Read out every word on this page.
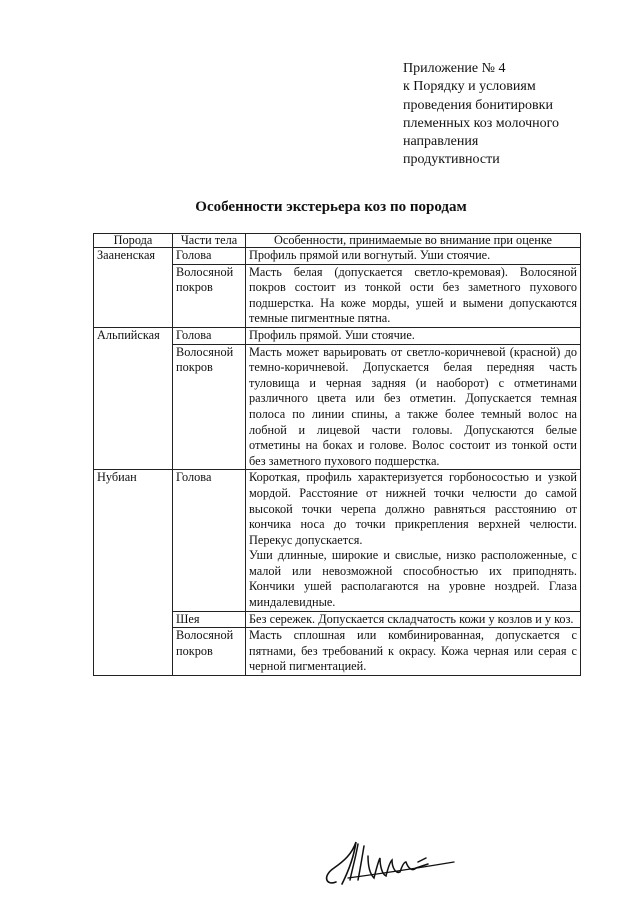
Приложение № 4
к Порядку и условиям
проведения бонитировки
племенных коз молочного
направления
продуктивности
Особенности экстерьера коз по породам
Порода	Части тела	Особенности, принимаемые во внимание при оценке
Зааненская	Голова	Профиль прямой или вогнутый. Уши стоячие.
	Волосяной покров	Масть белая (допускается светло-кремовая). Волосяной покров состоит из тонкой ости без заметного пухового подшерстка. На коже морды, ушей и вымени допускаются темные пигментные пятна.
Альпийская	Голова	Профиль прямой. Уши стоячие.
	Волосяной покров	Масть может варьировать от светло-коричневой (красной) до темно-коричневой. Допускается белая передняя часть туловища и черная задняя (и наоборот) с отметинами различного цвета или без отметин. Допускается темная полоса по линии спины, а также более темный волос на лобной и лицевой части головы. Допускаются белые отметины на боках и голове. Волос состоит из тонкой ости без заметного пухового подшерстка.
Нубиан	Голова	Короткая, профиль характеризуется горбоносостью и узкой мордой. Расстояние от нижней точки челюсти до самой высокой точки черепа должно равняться расстоянию от кончика носа до точки прикрепления верхней челюсти. Перекус допускается.
Уши длинные, широкие и свислые, низко расположенные, с малой или невозможной способностью их приподнять. Кончики ушей располагаются на уровне ноздрей. Глаза миндалевидные.

	Шея	Без сережек. Допускается складчатость кожи у козлов и у коз.
	Волосяной покров	Масть сплошная или комбинированная, допускается с пятнами, без требований к окрасу. Кожа черная или серая с черной пигментацией.
